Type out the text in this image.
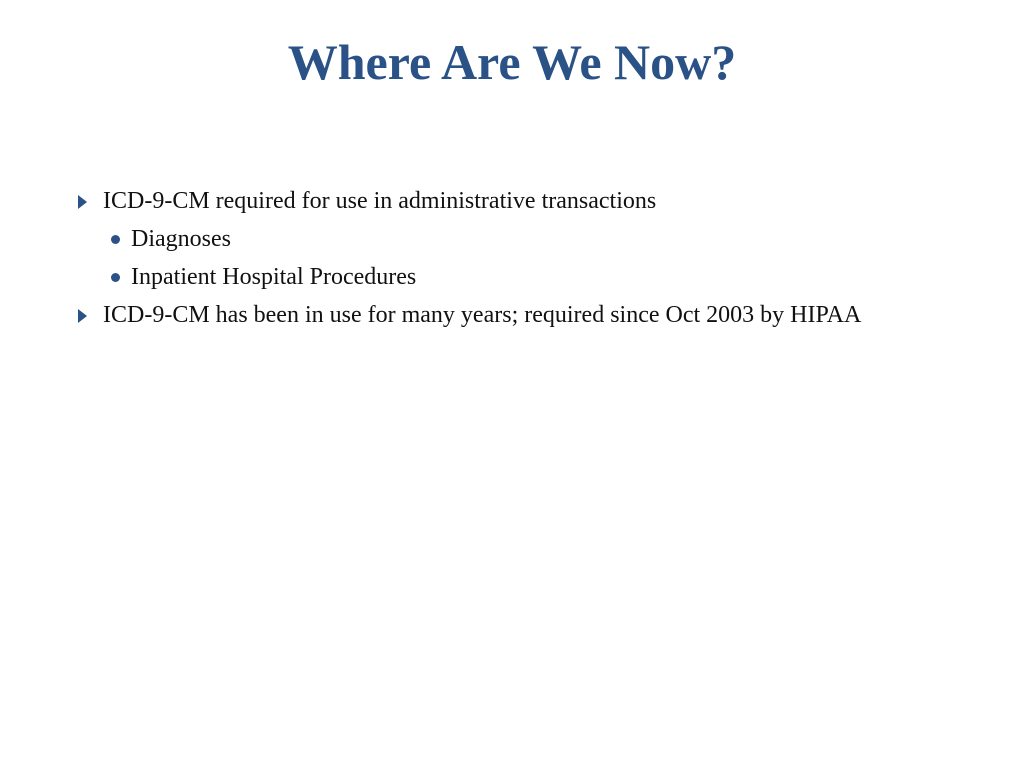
Where Are We Now?
ICD-9-CM required for use in administrative transactions
Diagnoses
Inpatient Hospital Procedures
ICD-9-CM has been in use for many years; required since Oct 2003 by HIPAA
